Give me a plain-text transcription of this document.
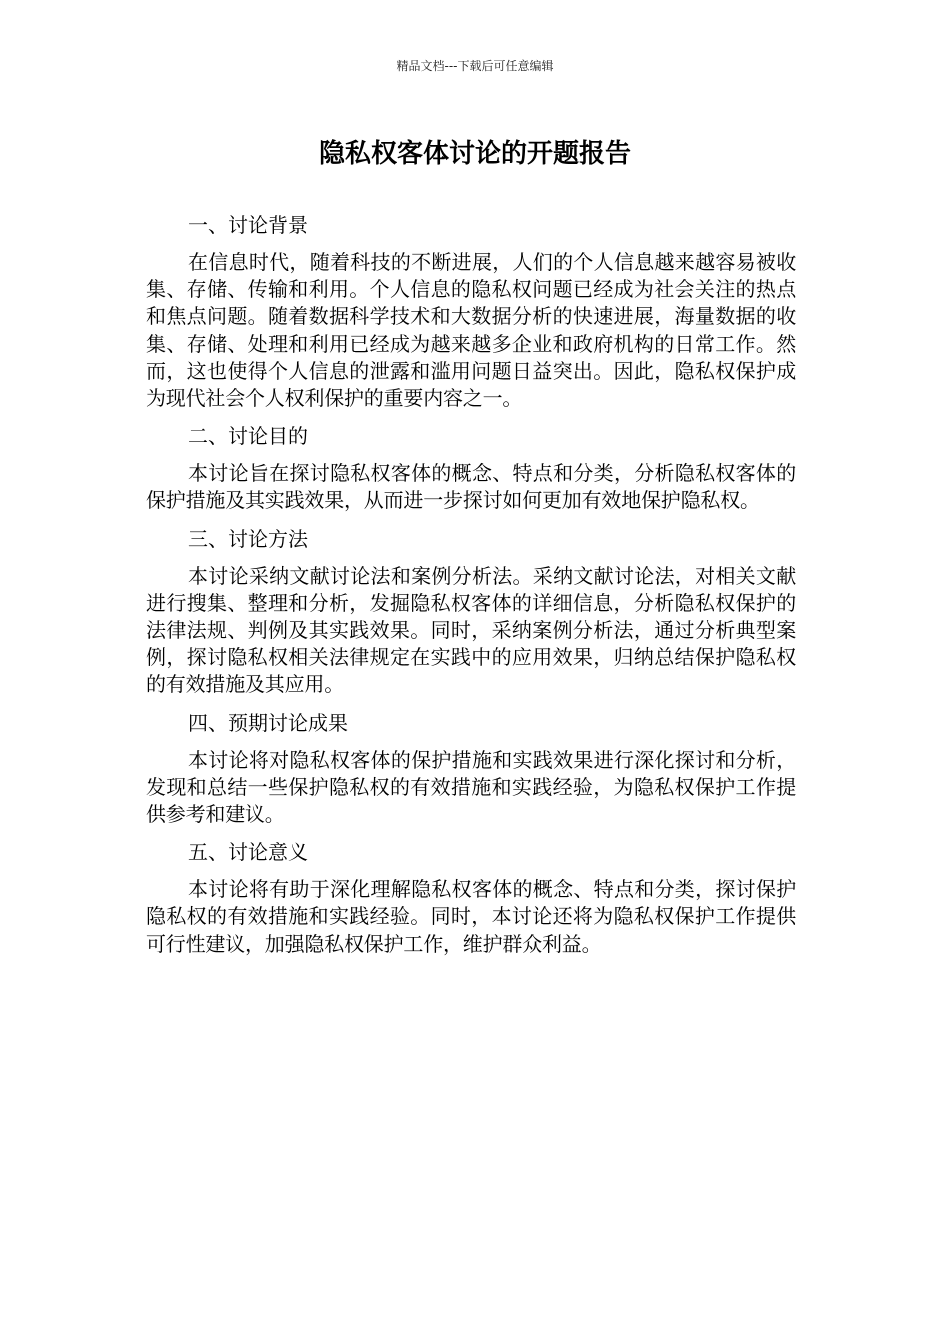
精品文档---下载后可任意编辑
隐私权客体讨论的开题报告
一、讨论背景

在信息时代，随着科技的不断进展，人们的个人信息越来越容易被收集、存储、传输和利用。个人信息的隐私权问题已经成为社会关注的热点和焦点问题。随着数据科学技术和大数据分析的快速进展，海量数据的收集、存储、处理和利用已经成为越来越多企业和政府机构的日常工作。然而，这也使得个人信息的泄露和滥用问题日益突出。因此，隐私权保护成为现代社会个人权利保护的重要内容之一。

二、讨论目的

本讨论旨在探讨隐私权客体的概念、特点和分类，分析隐私权客体的保护措施及其实践效果，从而进一步探讨如何更加有效地保护隐私权。

三、讨论方法

本讨论采纳文献讨论法和案例分析法。采纳文献讨论法，对相关文献进行搜集、整理和分析，发掘隐私权客体的详细信息，分析隐私权保护的法律法规、判例及其实践效果。同时，采纳案例分析法，通过分析典型案例，探讨隐私权相关法律规定在实践中的应用效果，归纳总结保护隐私权的有效措施及其应用。

四、预期讨论成果

本讨论将对隐私权客体的保护措施和实践效果进行深化探讨和分析，发现和总结一些保护隐私权的有效措施和实践经验，为隐私权保护工作提供参考和建议。

五、讨论意义

本讨论将有助于深化理解隐私权客体的概念、特点和分类，探讨保护隐私权的有效措施和实践经验。同时，本讨论还将为隐私权保护工作提供可行性建议，加强隐私权保护工作，维护群众利益。
